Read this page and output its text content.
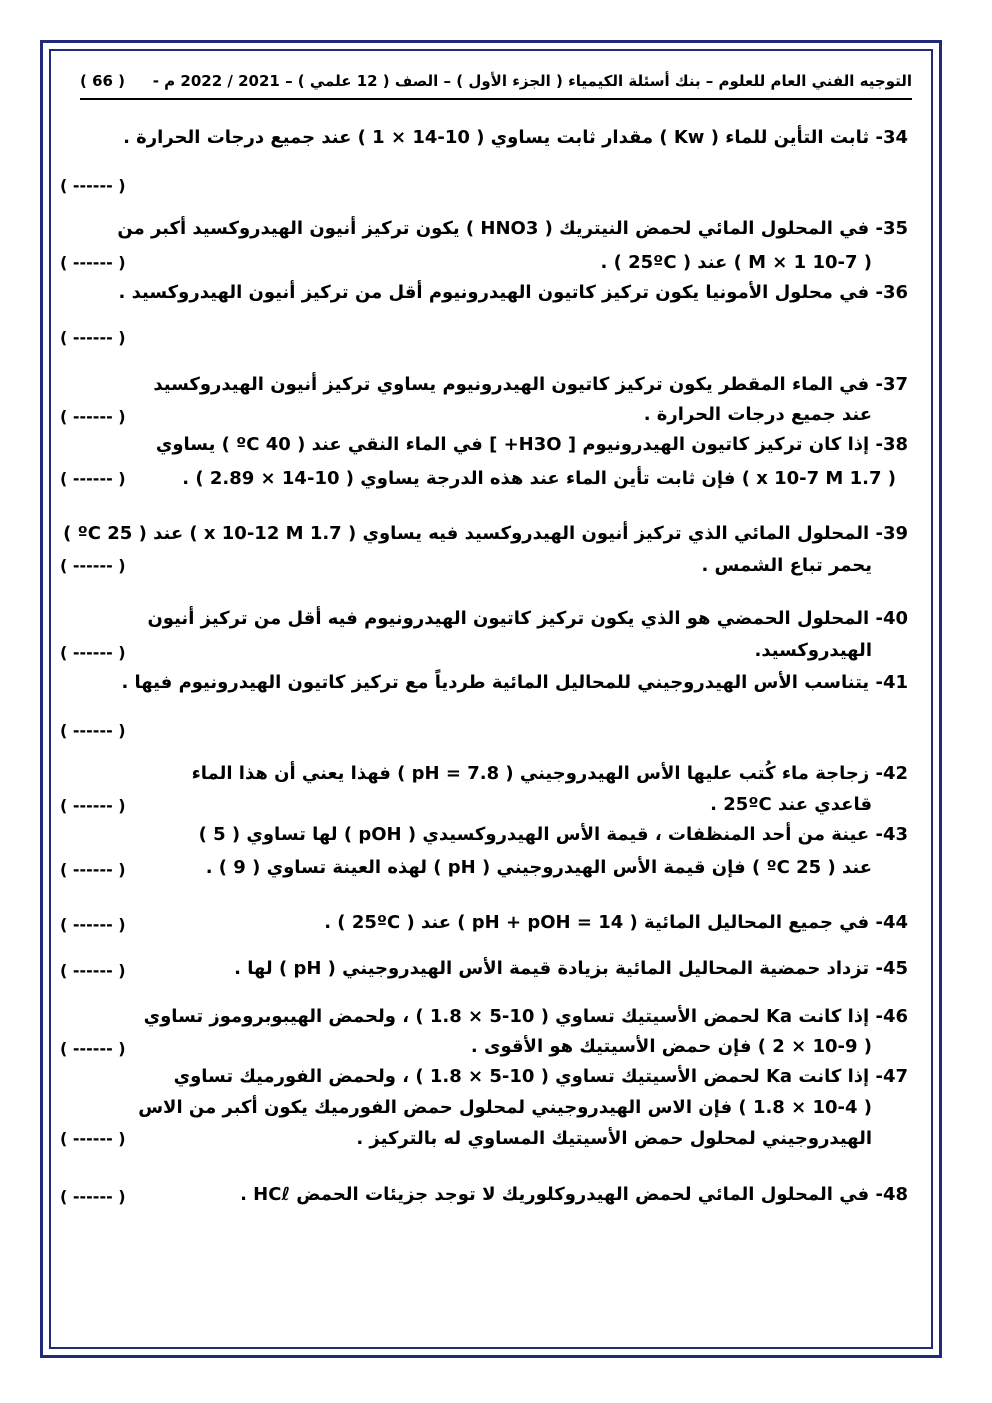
التوجيه الفني العام للعلوم – بنك أسئلة الكيمياء ( الجزء الأول ) – الصف ( 12 علمي ) – 2021 / 2022 م -
( 66 )
34- ثابت التأين للماء ( Kw ) مقدار ثابت يساوي ( 10-14 × 1 ) عند جميع درجات الحرارة .
( ------ )
35- في المحلول المائي لحمض النيتريك ( HNO3 ) يكون تركيز أنيون الهيدروكسيد أكبر من
( 10-7 M × 1 ) عند ( 25ºC ) .
( ------ )
36- في محلول الأمونيا يكون تركيز كاتيون الهيدرونيوم أقل من تركيز أنيون الهيدروكسيد .
( ------ )
37- في الماء المقطر يكون تركيز كاتيون الهيدرونيوم يساوي تركيز أنيون الهيدروكسيد
عند جميع درجات الحرارة .
( ------ )
38- إذا كان تركيز كاتيون الهيدرونيوم [ H3O+ ] في الماء النقي عند ( 40 ºC ) يساوي
( 1.7 x 10-7 M ) فإن ثابت تأين الماء عند هذه الدرجة يساوي ( 10-14 × 2.89 ) .
( ------ )
39- المحلول المائي الذي تركيز أنيون الهيدروكسيد فيه يساوي ( 1.7 x 10-12 M ) عند ( 25 ºC )
يحمر تباع الشمس .
( ------ )
40- المحلول الحمضي هو الذي يكون تركيز كاتيون الهيدرونيوم فيه أقل من تركيز أنيون
الهيدروكسيد.
( ------ )
41- يتناسب الأس الهيدروجيني للمحاليل المائية طردياً مع تركيز كاتيون الهيدرونيوم فيها .
( ------ )
42- زجاجة ماء كُتب عليها الأس الهيدروجيني ( pH = 7.8 ) فهذا يعني أن هذا الماء
قاعدي عند 25ºC .
( ------ )
43- عينة من أحد المنظفات ، قيمة الأس الهيدروكسيدي ( pOH ) لها تساوي ( 5 )
عند ( 25 ºC ) فإن قيمة الأس الهيدروجيني ( pH ) لهذه العينة تساوي ( 9 ) .
( ------ )
44- في جميع المحاليل المائية ( pH + pOH = 14 ) عند ( 25ºC ) .
( ------ )
45- تزداد حمضية المحاليل المائية بزيادة قيمة الأس الهيدروجيني ( pH ) لها .
( ------ )
46- إذا كانت Ka لحمض الأسيتيك تساوي ( 10-5 × 1.8 ) ، ولحمض الهيبوبروموز تساوي
( 10-9 × 2 ) فإن حمض الأسيتيك هو الأقوى .
( ------ )
47- إذا كانت Ka لحمض الأسيتيك تساوي ( 10-5 × 1.8 ) ، ولحمض الفورميك تساوي
( 10-4 × 1.8 ) فإن الاس الهيدروجيني لمحلول حمض الفورميك يكون أكبر من الاس
الهيدروجيني لمحلول حمض الأسيتيك المساوي له بالتركيز .
( ------ )
48- في المحلول المائي لحمض الهيدروكلوريك لا توجد جزيئات الحمض HCℓ .
( ------ )
